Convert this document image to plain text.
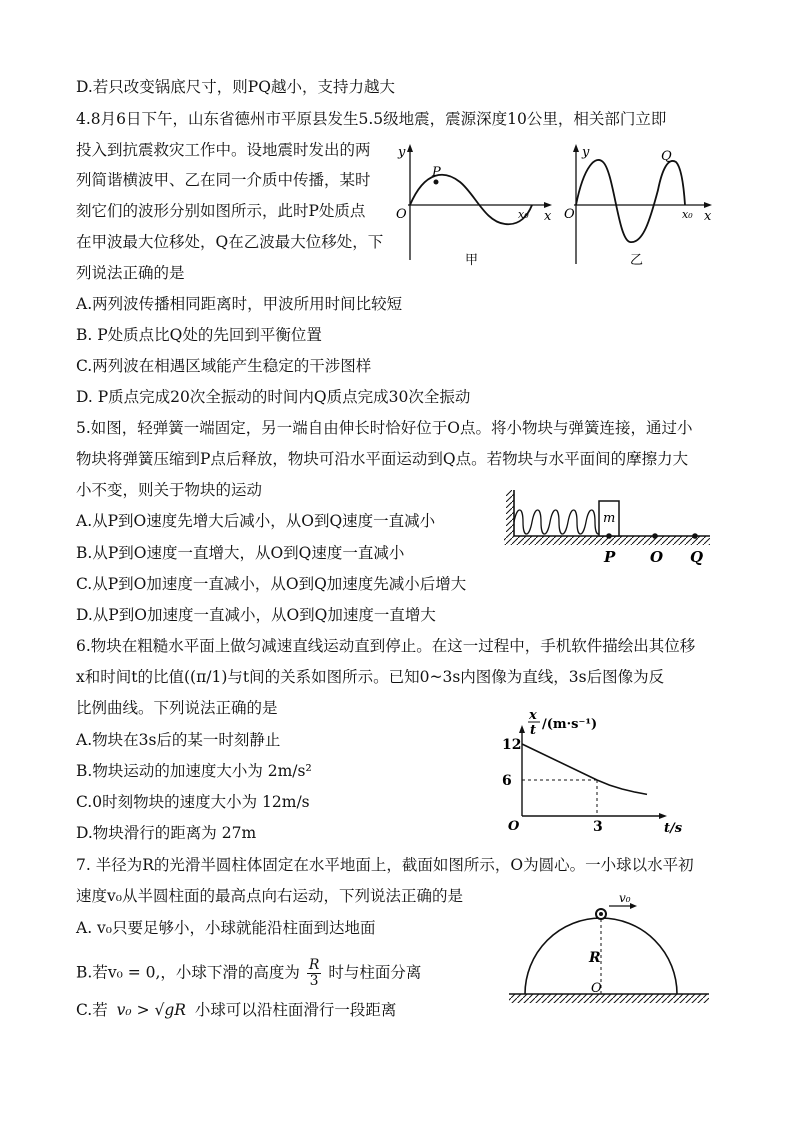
D.若只改变锅底尺寸，则PQ越小，支持力越大
4.8月6日下午，山东省德州市平原县发生5.5级地震，震源深度10公里，相关部门立即
投入到抗震救灾工作中。设地震时发出的两
列简谐横波甲、乙在同一介质中传播，某时
刻它们的波形分别如图所示，此时P处质点
在甲波最大位移处，Q在乙波最大位移处，下
列说法正确的是
A.两列波传播相同距离时，甲波所用时间比较短
B. P处质点比Q处的先回到平衡位置
C.两列波在相遇区域能产生稳定的干涉图样
D. P质点完成20次全振动的时间内Q质点完成30次全振动
y
x
O	x₀
P
甲
y
x
O	x₀
Q
乙
5.如图，轻弹簧一端固定，另一端自由伸长时恰好位于O点。将小物块与弹簧连接，通过小
物块将弹簧压缩到P点后释放，物块可沿水平面运动到Q点。若物块与水平面间的摩擦力大
小不变，则关于物块的运动
A.从P到O速度先增大后减小，从O到Q速度一直减小
B.从P到O速度一直增大，从O到Q速度一直减小
C.从P到O加速度一直减小，从O到Q加速度先减小后增大
D.从P到O加速度一直减小，从O到Q加速度一直增大
m
P O Q
6.物块在粗糙水平面上做匀减速直线运动直到停止。在这一过程中，手机软件描绘出其位移
x和时间t的比值((π/1)与t间的关系如图所示。已知0~3s内图像为直线，3s后图像为反
比例曲线。下列说法正确的是
A.物块在3s后的某一时刻静止
B.物块运动的加速度大小为 2m/s²
C.0时刻物块的速度大小为 12m/s
D.物块滑行的距离为 27m
x
t /(m·s⁻¹)
t/s
O
12
6
3
7. 半径为R的光滑半圆柱体固定在水平地面上，截面如图所示，O为圆心。一小球以水平初
速度v₀从半圆柱面的最高点向右运动，下列说法正确的是
A. v₀只要足够小，小球就能沿柱面到达地面
B.若v₀ = 0,，小球下滑的高度为 $\frac{R}{3}$ 时与柱面分离
C.若 v₀ > √gR 小球可以沿柱面滑行一段距离
v₀
R
O
